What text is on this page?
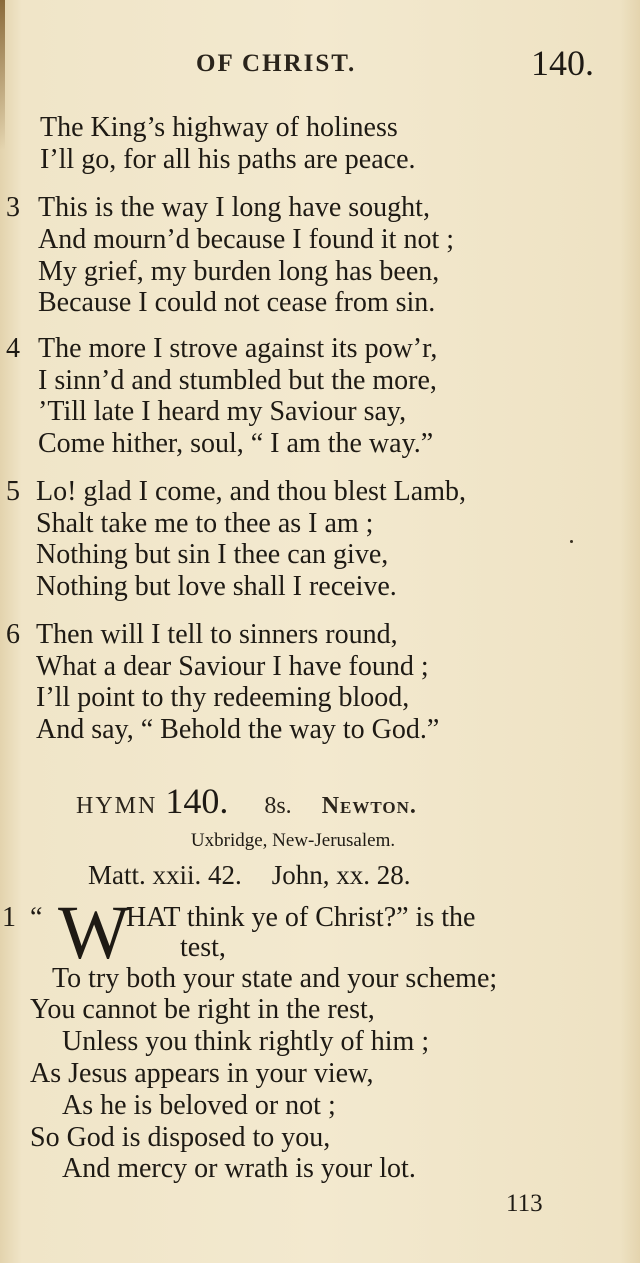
OF CHRIST.	140.
The King’s highway of holiness
I’ll go, for all his paths are peace.
3 This is the way I long have sought,
And mourn’d because I found it not ;
My grief, my burden long has been,
Because I could not cease from sin.
4 The more I strove against its pow’r,
I sinn’d and stumbled but the more,
’Till late I heard my Saviour say,
Come hither, soul, “ I am the way.”
5 Lo! glad I come, and thou blest Lamb,
Shalt take me to thee as I am ;
Nothing but sin I thee can give,
Nothing but love shall I receive.
6 Then will I tell to sinners round,
What a dear Saviour I have found ;
I’ll point to thy redeeming blood,
And say, “ Behold the way to God.”
HYMN 140. 8s. Newton.
Uxbridge, New-Jerusalem.
Matt. xxii. 42. John, xx. 28.
1 “ W
HAT think ye of Christ?” is the
test,
To try both your state and your scheme;
You cannot be right in the rest,
Unless you think rightly of him ;
As Jesus appears in your view,
As he is beloved or not ;
So God is disposed to you,
And mercy or wrath is your lot.
113
